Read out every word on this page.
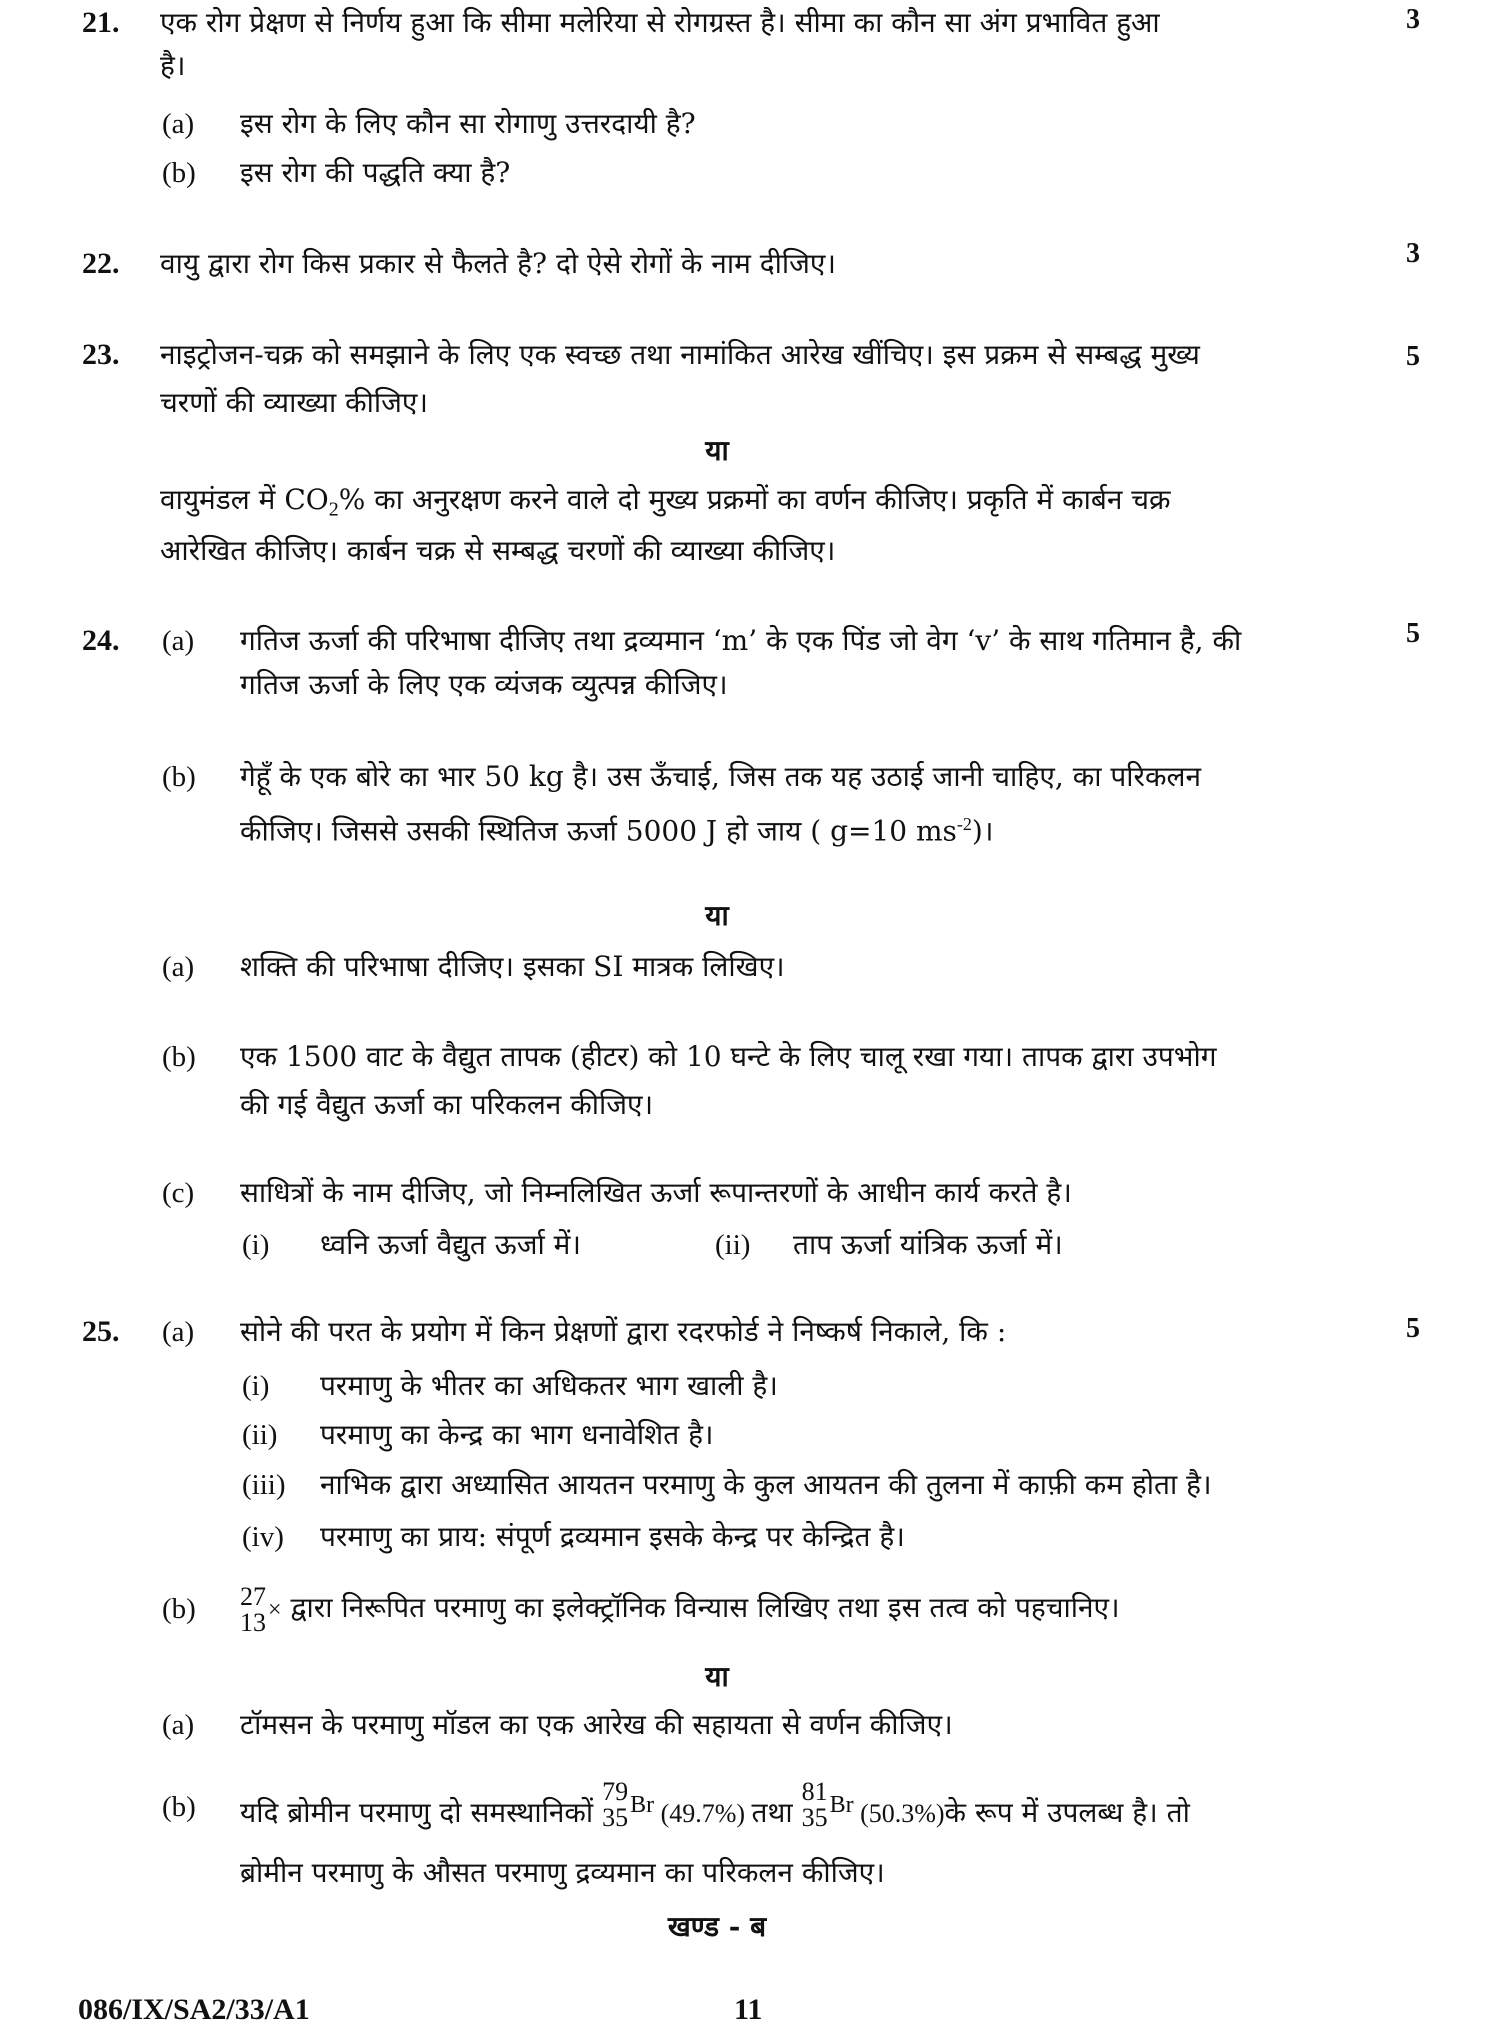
21. एक रोग प्रेक्षण से निर्णय हुआ कि सीमा मलेरिया से रोगग्रस्त है। सीमा का कौन सा अंग प्रभावित हुआ	3
है।
(a) इस रोग के लिए कौन सा रोगाणु उत्तरदायी है?
(b) इस रोग की पद्धति क्या है?
22. वायु द्वारा रोग किस प्रकार से फैलते है? दो ऐसे रोगों के नाम दीजिए।	3
23. नाइट्रोजन-चक्र को समझाने के लिए एक स्वच्छ तथा नामांकित आरेख खींचिए। इस प्रक्रम से सम्बद्ध मुख्य	5
चरणों की व्याख्या कीजिए।
या
वायुमंडल में $CO_2\%$ का अनुरक्षण करने वाले दो मुख्य प्रक्रमों का वर्णन कीजिए। प्रकृति में कार्बन चक्र
आरेखित कीजिए। कार्बन चक्र से सम्बद्ध चरणों की व्याख्या कीजिए।
24. (a) गतिज ऊर्जा की परिभाषा दीजिए तथा द्रव्यमान ‘m’ के एक पिंड जो वेग ‘v’ के साथ गतिमान है, की	5
गतिज ऊर्जा के लिए एक व्यंजक व्युत्पन्न कीजिए।
(b) गेहूँ के एक बोरे का भार 50 kg है। उस ऊँचाई, जिस तक यह उठाई जानी चाहिए, का परिकलन
कीजिए। जिससे उसकी स्थितिज ऊर्जा 5000 J हो जाय ( g=10 $ms^{-2})।$
या
(a) शक्ति की परिभाषा दीजिए। इसका SI मात्रक लिखिए।
(b) एक 1500 वाट के वैद्युत तापक (हीटर) को 10 घन्टे के लिए चालू रखा गया। तापक द्वारा उपभोग
की गई वैद्युत ऊर्जा का परिकलन कीजिए।
(c) साधित्रों के नाम दीजिए, जो निम्नलिखित ऊर्जा रूपान्तरणों के आधीन कार्य करते है।
(i) ध्वनि ऊर्जा वैद्युत ऊर्जा में।	(ii) ताप ऊर्जा यांत्रिक ऊर्जा में।
25. (a) सोने की परत के प्रयोग में किन प्रेक्षणों द्वारा रदरफोर्ड ने निष्कर्ष निकाले, कि :	5
(i) परमाणु के भीतर का अधिकतर भाग खाली है।
(ii) परमाणु का केन्द्र का भाग धनावेशित है।
(iii) नाभिक द्वारा अध्यासित आयतन परमाणु के कुल आयतन की तुलना में काफ़ी कम होता है।
(iv) परमाणु का प्राय: संपूर्ण द्रव्यमान इसके केन्द्र पर केन्द्रित है।
(b) 27
13 × द्वारा निरूपित परमाणु का इलेक्ट्रॉनिक विन्यास लिखिए तथा इस तत्व को पहचानिए।
या
(a) टॉमसन के परमाणु मॉडल का एक आरेख की सहायता से वर्णन कीजिए।
(b) यदि ब्रोमीन परमाणु दो समस्थानिकों
79
35 Br (49.7%) तथा
81
35 Br (50.3%)के रूप में उपलब्ध है। तो
ब्रोमीन परमाणु के औसत परमाणु द्रव्यमान का परिकलन कीजिए।
खण्ड - ब
086/IX/SA2/33/A1	11
